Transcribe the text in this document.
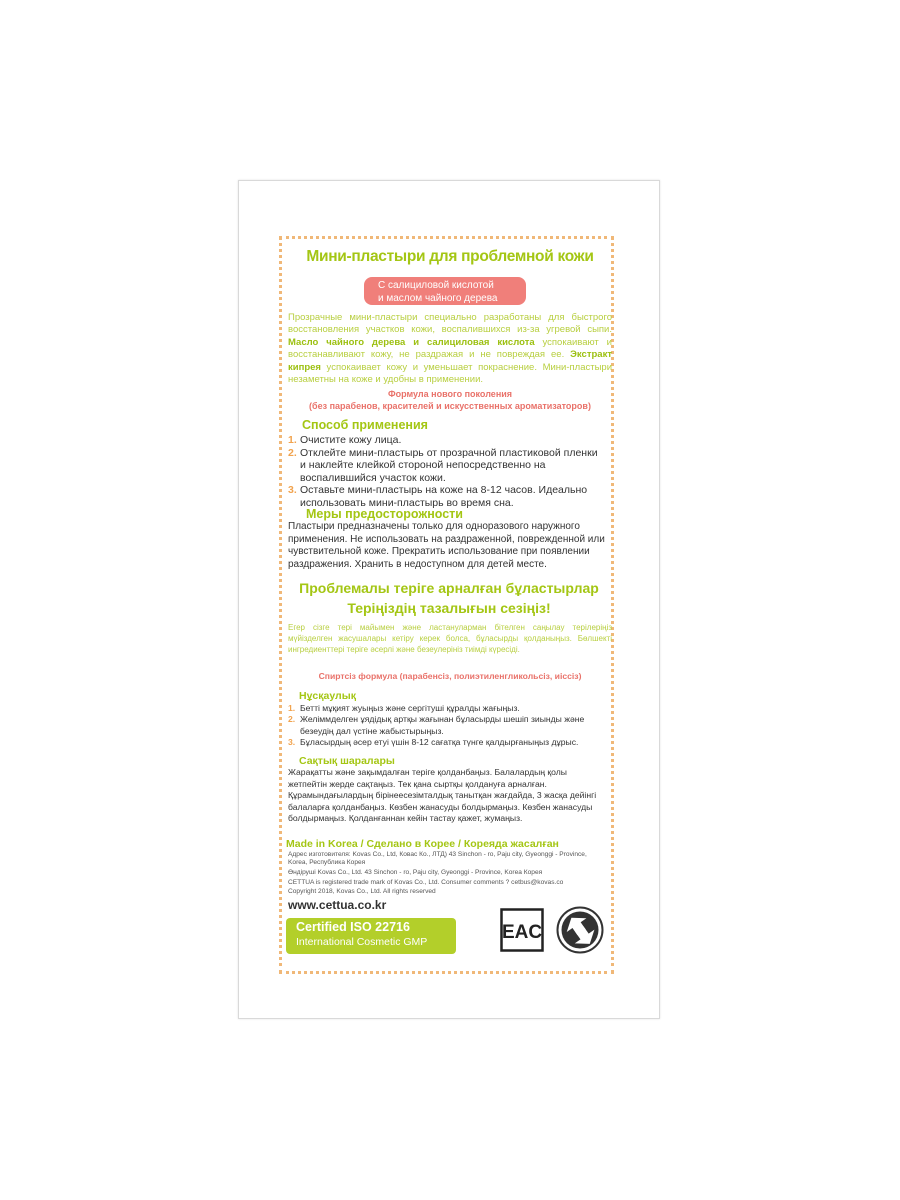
Мини-пластыри для проблемной кожи
С салициловой кислотой
и маслом чайного дерева
Прозрачные мини-пластыри специально разработаны для быстрого восстановления участков кожи, воспалившихся из-за угревой сыпи. Масло чайного дерева и салициловая кислота успокаивают и восстанавливают кожу, не раздражая и не повреждая ее. Экстракт кипрея успокаивает кожу и уменьшает покраснение. Мини-пластыри незаметны на коже и удобны в применении.
Формула нового поколения
(без парабенов, красителей и искусственных ароматизаторов)
Способ применения
1. Очистите кожу лица.
2. Отклейте мини-пластырь от прозрачной пластиковой пленки и наклейте клейкой стороной непосредственно на воспалившийся участок кожи.
3. Оставьте мини-пластырь на коже на 8-12 часов. Идеально использовать мини-пластырь во время сна.
Меры предосторожности
Пластыри предназначены только для одноразового наружного применения. Не использовать на раздраженной, поврежденной или чувствительной коже. Прекратить использование при появлении раздражения. Хранить в недоступном для детей месте.
Проблемалы теріге арналған бұластырлар
Теріңіздің тазалығын сезіңіз!
Егер сізге тері майымен және ластануларман бітелген саңылау терілеріңіз мүйізделген жасушалары кетіру керек болса, бұласырды қолданыңыз. Бөлшекті ингредиенттері теріге əсерлі және безеулерініз тиімді күресіді.
Спиртсіз формула (парабенсіз, полиэтиленгликольсіз, иіссіз)
Нұсқаулық
1. Бетті мұқият жуыңыз және сергітуші құралды жағыңыз.
2. Желіммделген ұядідық артқы жағынан бұласырды шешіп зиынды жəне безеудің дал үстіне жабыстырыңыз.
3. Бұласырдың əсер етуі үшін 8-12 сағатқа түнге қалдырғаныңыз дұрыс.
Сақтық шаралары
Жарақатты жəне зақымдалған теріге қолданбаңыз. Балалардың қолы жетпейтін жерде сақтаңыз. Тек қана сыртқы қолдануға арналған. Құрамындағылардың бірінеесезімталдық танытқан жағдайда, 3 жасқа дейінгі балаларға қолданбаңыз. Көзбен жанасуды болдырмаңыз. Көзбен жанасуды болдырмаңыз. Қолданғаннан кейін тастау қажет, жумаңыз.
Made in Korea / Сделано в Корее / Кореяда жасалған
Адрес изготовителя: Kovas Co., Ltd, Ковас Ко., ЛТД) 43 Sinchon - ro, Paju city, Gyeonggi - Province, Korea, Республика Корея
Өндіруші Kovas Co., Ltd. 43 Sinchon - ro, Paju city, Gyeonggi - Province, Korea Корея
CETTUA is registered trade mark of Kovas Co., Ltd. Consumer comments ? cetbus@kovas.co
Copyright 2018, Kovas Co., Ltd. All rights reserved
www.cettua.co.kr
Certified ISO 22716
International Cosmetic GMP	EAC
